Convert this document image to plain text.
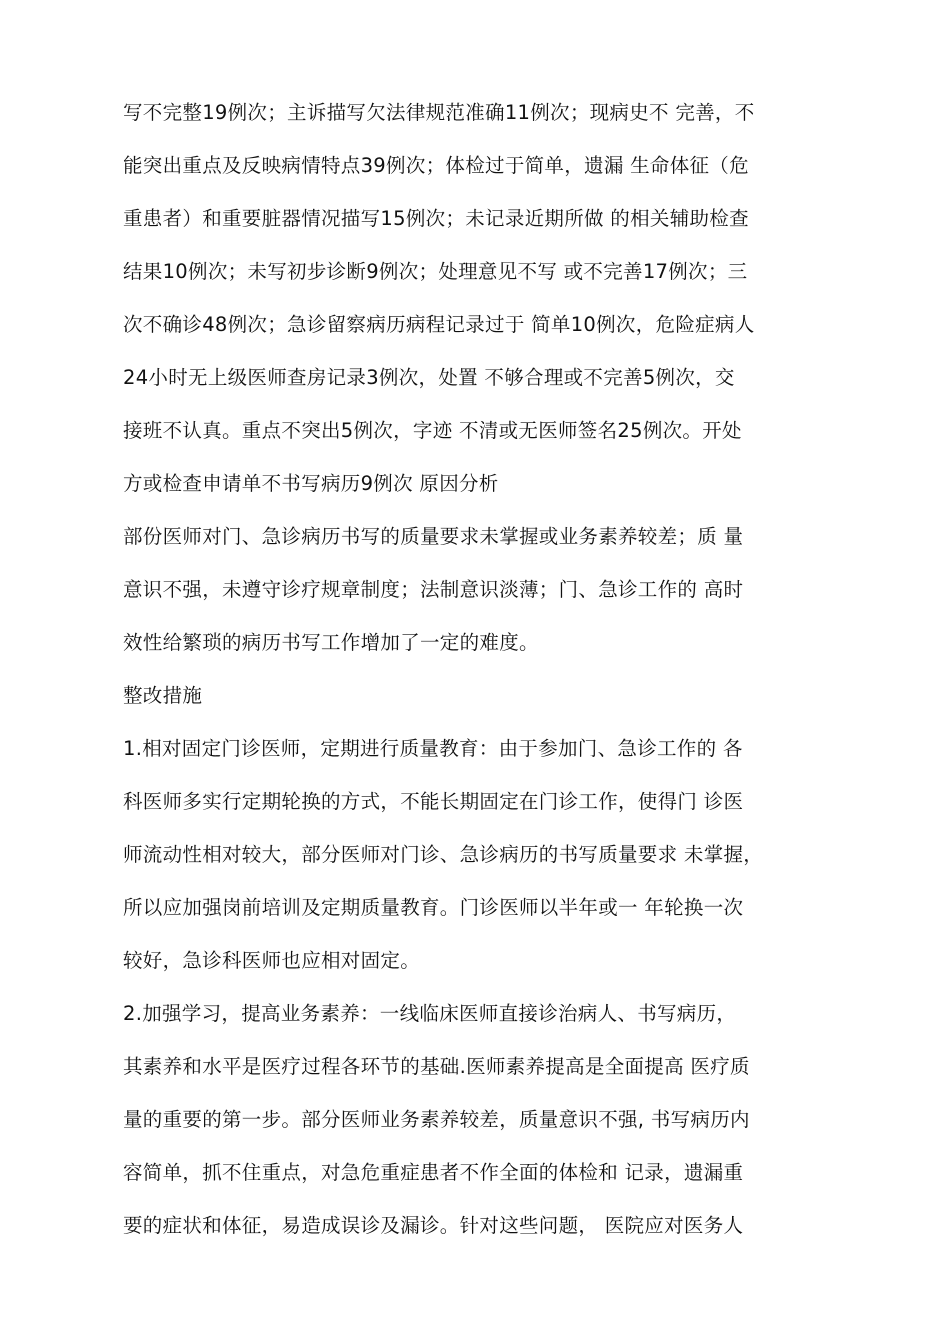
写不完整19例次；主诉描写欠法律规范准确11例次；现病史不 完善，不
能突出重点及反映病情特点39例次；体检过于简单，遗漏 生命体征（危
重患者）和重要脏器情况描写15例次；未记录近期所做 的相关辅助检查
结果10例次；未写初步诊断9例次；处理意见不写 或不完善17例次；三
次不确诊48例次；急诊留察病历病程记录过于 简单10例次，危险症病人
24小时无上级医师查房记录3例次，处置 不够合理或不完善5例次，交
接班不认真。重点不突出5例次，字迹 不清或无医师签名25例次。开处
方或检查申请单不书写病历9例次 原因分析
部份医师对门、急诊病历书写的质量要求未掌握或业务素养较差；质 量
意识不强，未遵守诊疗规章制度；法制意识淡薄；门、急诊工作的 高时
效性给繁琐的病历书写工作增加了一定的难度。
整改措施
1.相对固定门诊医师，定期进行质量教育：由于参加门、急诊工作的 各
科医师多实行定期轮换的方式，不能长期固定在门诊工作，使得门 诊医
师流动性相对较大，部分医师对门诊、急诊病历的书写质量要求 未掌握，
所以应加强岗前培训及定期质量教育。门诊医师以半年或一 年轮换一次
较好，急诊科医师也应相对固定。
2.加强学习，提高业务素养：一线临床医师直接诊治病人、书写病历，
其素养和水平是医疗过程各环节的基础.医师素养提高是全面提高 医疗质
量的重要的第一步。部分医师业务素养较差，质量意识不强, 书写病历内
容简单，抓不住重点，对急危重症患者不作全面的体检和 记录，遗漏重
要的症状和体征，易造成误诊及漏诊。针对这些问题， 医院应对医务人
